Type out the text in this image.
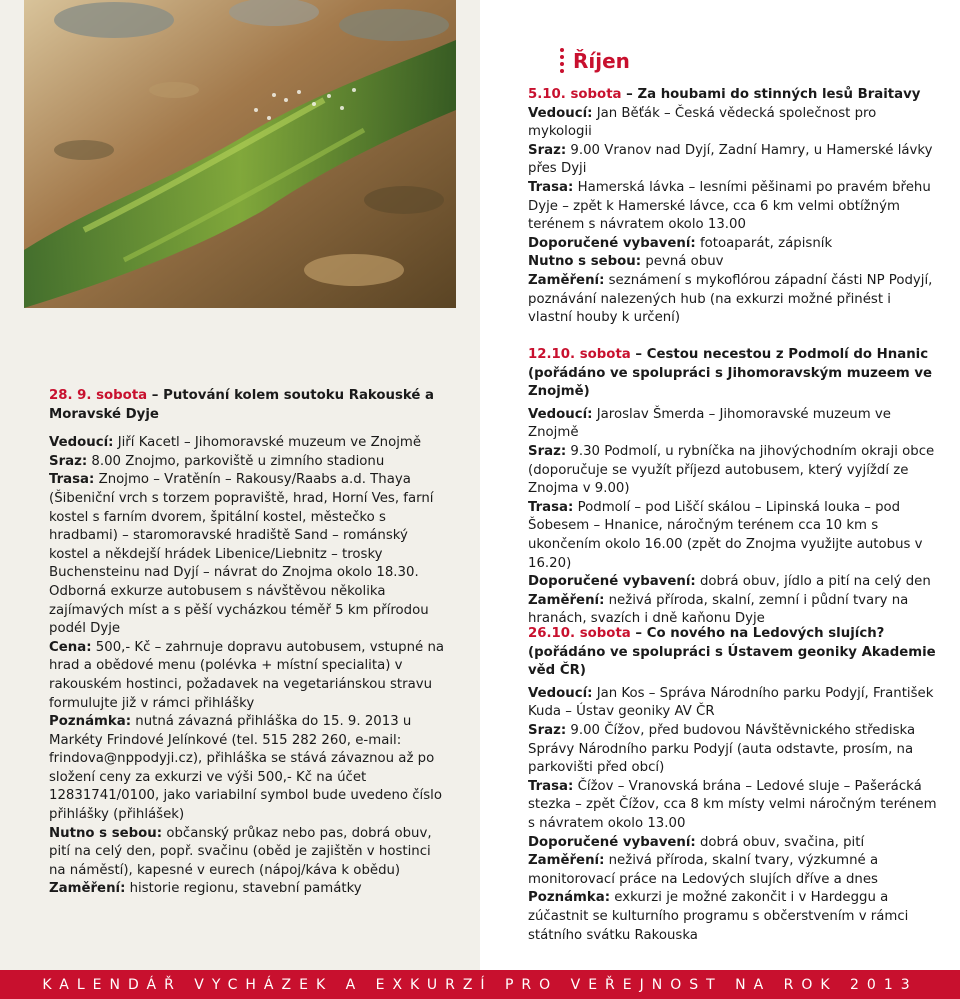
28. 9. sobota – Putování kolem soutoku Rakouské a Moravské Dyje

Vedoucí: Jiří Kacetl – Jihomoravské muzeum ve Znojmě

Sraz: 8.00 Znojmo, parkoviště u zimního stadionu

Trasa: Znojmo – Vratěnín – Rakousy/Raabs a.d. Thaya (Šibeniční vrch s torzem popraviště, hrad, Horní Ves, farní kostel s farním dvorem, špitální kostel, městečko s hradbami) – staromoravské hradiště Sand – románský kostel a někdejší hrádek Libenice/Liebnitz – trosky Buchensteinu nad Dyjí – návrat do Znojma okolo 18.30. Odborná exkurze autobusem s návštěvou několika zajímavých míst a s pěší vycházkou téměř 5 km přírodou podél Dyje

Cena: 500,- Kč – zahrnuje dopravu autobusem, vstupné na hrad a obědové menu (polévka + místní specialita) v rakouském hostinci, požadavek na vegetariánskou stravu formulujte již v rámci přihlášky

Poznámka: nutná závazná přihláška do 15. 9. 2013 u Markéty Frindové Jelínkové (tel. 515 282 260, e-mail: frindova@nppodyji.cz), přihláška se stává závaznou až po složení ceny za exkurzi ve výši 500,- Kč na účet 12831741/0100, jako variabilní symbol bude uvedeno číslo přihlášky (přihlášek)

Nutno s sebou: občanský průkaz nebo pas, dobrá obuv, pití na celý den, popř. svačinu (oběd je zajištěn v hostinci na náměstí), kapesné v eurech (nápoj/káva k obědu)

Zaměření: historie regionu, stavební památky

Říjen

5.10. sobota – Za houbami do stinných lesů Braitavy

Vedoucí: Jan Běťák – Česká vědecká společnost pro mykologii

Sraz: 9.00 Vranov nad Dyjí, Zadní Hamry, u Hamerské lávky přes Dyji

Trasa: Hamerská lávka – lesními pěšinami po pravém břehu Dyje – zpět k Hamerské lávce, cca 6 km velmi obtížným terénem s návratem okolo 13.00

Doporučené vybavení: fotoaparát, zápisník

Nutno s sebou: pevná obuv

Zaměření: seznámení s mykoflórou západní části NP Podyjí, poznávání nalezených hub (na exkurzi možné přinést i vlastní houby k určení)

12.10. sobota – Cestou necestou z Podmolí do Hnanic (pořádáno ve spolupráci s Jihomoravským muzeem ve Znojmě)

Vedoucí: Jaroslav Šmerda – Jihomoravské muzeum ve Znojmě

Sraz: 9.30 Podmolí, u rybníčka na jihovýchodním okraji obce (doporučuje se využít příjezd autobusem, který vyjíždí ze Znojma v 9.00)

Trasa: Podmolí – pod Liščí skálou – Lipinská louka – pod Šobesem – Hnanice, náročným terénem cca 10 km s ukončením okolo 16.00 (zpět do Znojma využijte autobus v 16.20)

Doporučené vybavení: dobrá obuv, jídlo a pití na celý den

Zaměření: neživá příroda, skalní, zemní i půdní tvary na hranách, svazích i dně kaňonu Dyje

26.10. sobota – Co nového na Ledových slujích? (pořádáno ve spolupráci s Ústavem geoniky Akademie věd ČR)

Vedoucí: Jan Kos – Správa Národního parku Podyjí, František Kuda – Ústav geoniky AV ČR

Sraz: 9.00 Čížov, před budovou Návštěvnického střediska Správy Národního parku Podyjí (auta odstavte, prosím, na parkovišti před obcí)

Trasa: Čížov – Vranovská brána – Ledové sluje – Pašerácká stezka – zpět Čížov, cca 8 km místy velmi náročným terénem s návratem okolo 13.00

Doporučené vybavení: dobrá obuv, svačina, pití

Zaměření: neživá příroda, skalní tvary, výzkumné a monitorovací práce na Ledových slujích dříve a dnes

Poznámka: exkurzi je možné zakončit i v Hardeggu a zúčastnit se kulturního programu s občerstvením v rámci státního svátku Rakouska

KALENDÁŘ VYCHÁZEK A EXKURZÍ PRO VEŘEJNOST NA ROK 2013
